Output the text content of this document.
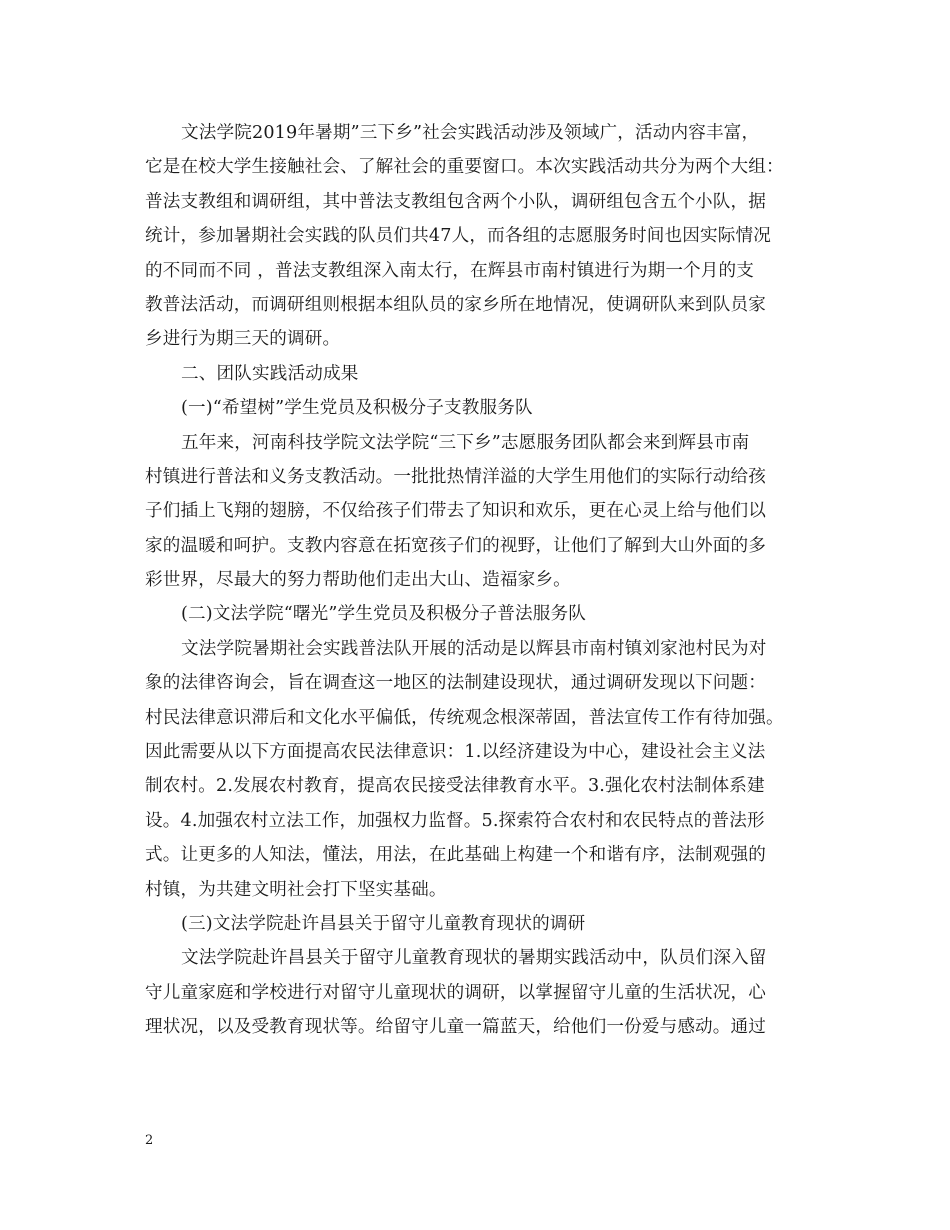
文法学院2019年暑期”三下乡”社会实践活动涉及领域广，活动内容丰富，
它是在校大学生接触社会、了解社会的重要窗口。本次实践活动共分为两个大组：
普法支教组和调研组，其中普法支教组包含两个小队，调研组包含五个小队，据
统计，参加暑期社会实践的队员们共47人，而各组的志愿服务时间也因实际情况
的不同而不同 ，普法支教组深入南太行，在辉县市南村镇进行为期一个月的支
教普法活动，而调研组则根据本组队员的家乡所在地情况，使调研队来到队员家
乡进行为期三天的调研。
二、团队实践活动成果
(一)“希望树”学生党员及积极分子支教服务队
五年来，河南科技学院文法学院“三下乡”志愿服务团队都会来到辉县市南
村镇进行普法和义务支教活动。一批批热情洋溢的大学生用他们的实际行动给孩
子们插上飞翔的翅膀，不仅给孩子们带去了知识和欢乐，更在心灵上给与他们以
家的温暖和呵护。支教内容意在拓宽孩子们的视野，让他们了解到大山外面的多
彩世界，尽最大的努力帮助他们走出大山、造福家乡。
(二)文法学院“曙光”学生党员及积极分子普法服务队
文法学院暑期社会实践普法队开展的活动是以辉县市南村镇刘家池村民为对
象的法律咨询会，旨在调查这一地区的法制建设现状，通过调研发现以下问题：
村民法律意识滞后和文化水平偏低，传统观念根深蒂固，普法宣传工作有待加强。
因此需要从以下方面提高农民法律意识：1.以经济建设为中心，建设社会主义法
制农村。2.发展农村教育，提高农民接受法律教育水平。3.强化农村法制体系建
设。4.加强农村立法工作，加强权力监督。5.探索符合农村和农民特点的普法形
式。让更多的人知法，懂法，用法，在此基础上构建一个和谐有序，法制观强的
村镇，为共建文明社会打下坚实基础。
(三)文法学院赴许昌县关于留守儿童教育现状的调研
文法学院赴许昌县关于留守儿童教育现状的暑期实践活动中，队员们深入留
守儿童家庭和学校进行对留守儿童现状的调研，以掌握留守儿童的生活状况，心
理状况，以及受教育现状等。给留守儿童一篇蓝天，给他们一份爱与感动。通过
2
